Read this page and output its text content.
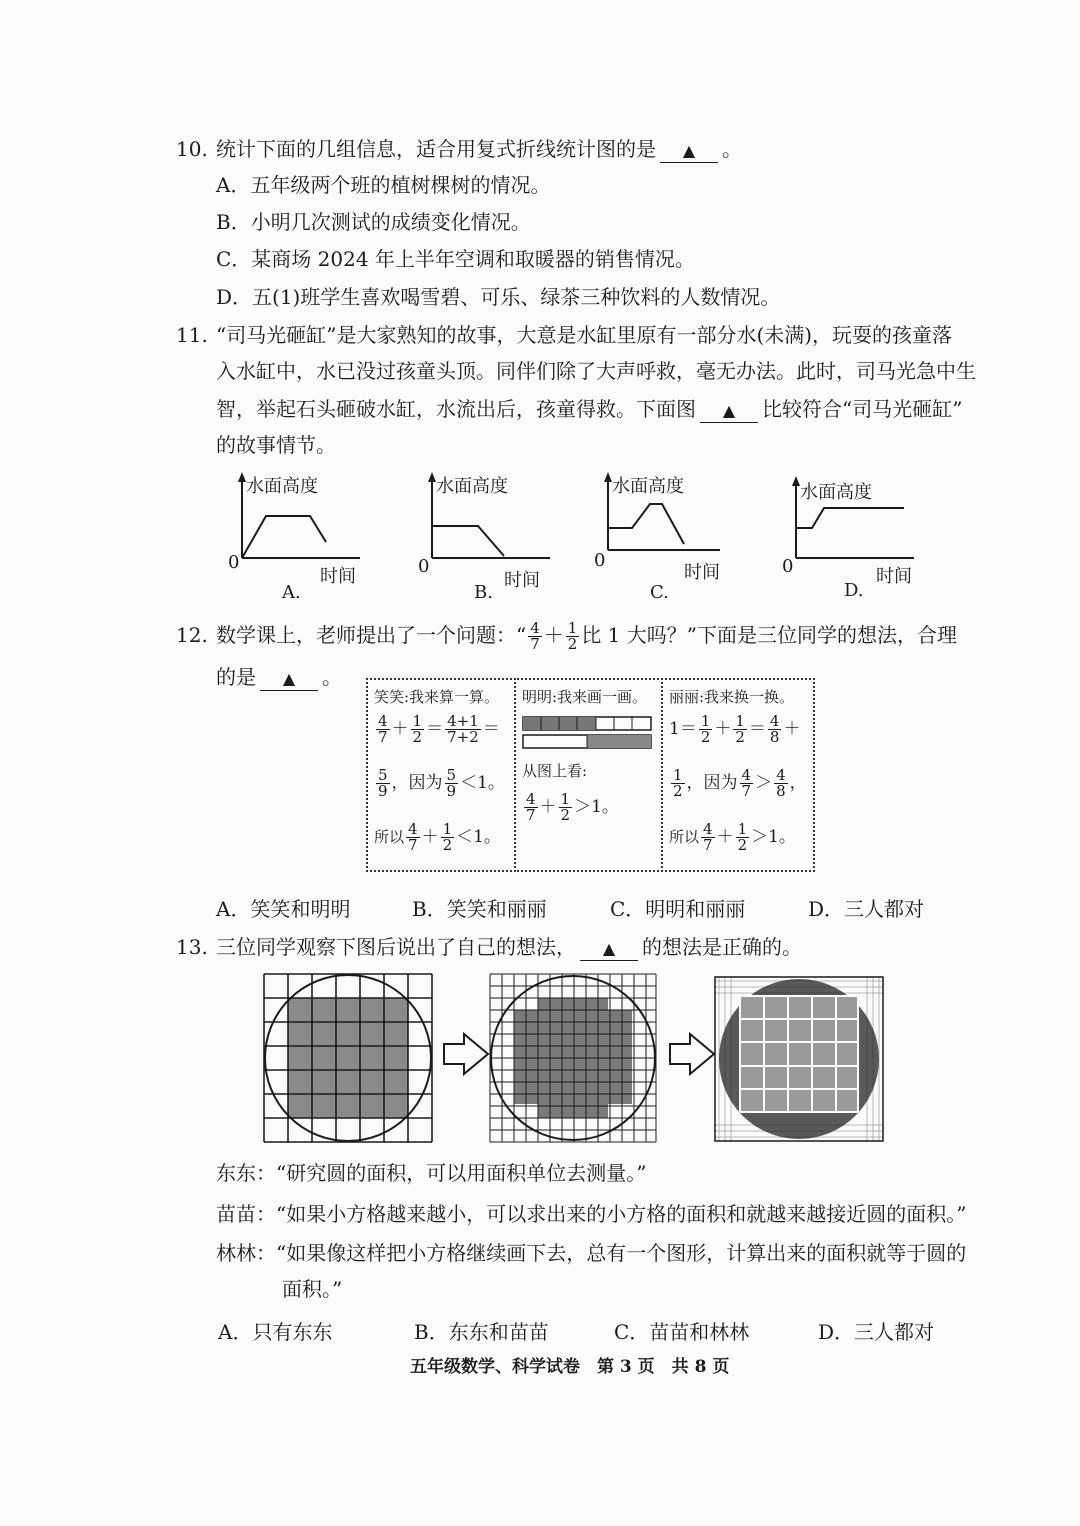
10. 统计下面的几组信息，适合用复式折线统计图的是 ▲ 。
A．五年级两个班的植树棵树的情况。
B．小明几次测试的成绩变化情况。
C．某商场 2024 年上半年空调和取暖器的销售情况。
D．五(1)班学生喜欢喝雪碧、可乐、绿茶三种饮料的人数情况。
11. “司马光砸缸”是大家熟知的故事，大意是水缸里原有一部分水(未满)，玩耍的孩童落
入水缸中，水已没过孩童头顶。同伴们除了大声呼救，毫无办法。此时，司马光急中生
智，举起石头砸破水缸，水流出后，孩童得救。下面图 ▲ 比较符合“司马光砸缸”
的故事情节。
水面高度
0
时间
A.
水面高度
0
时间
B.
水面高度
0
时间
C.
水面高度
0	时间
D.
12. 数学课上，老师提出了一个问题：“ $\frac{4}{7} + \frac{1}{2}$ 比 1 大吗？”下面是三位同学的想法，合理
的是 ▲ 。
笑笑:我来算一算。
$\frac{4}{7} + \frac{1}{2} = \frac{4+1}{7+2}$ ＝
$\frac{5}{9}$ ，因为 $\frac{5}{9} <1$。
所以 $\frac{4}{7} + \frac{1}{2} <1$。
明明:我来画一画。
从图上看:
$\frac{4}{7} + \frac{1}{2} >1$。
丽丽:我来换一换。
$1= \frac{1}{2} + \frac{1}{2} = \frac{4}{8}$ ＋
$\frac{1}{2}$ ，因为 $\frac{4}{7} > \frac{4}{8}$ ，
所以 $\frac{4}{7} + \frac{1}{2} >1$。
A．笑笑和明明	B．笑笑和丽丽	C．明明和丽丽	D．三人都对
13. 三位同学观察下图后说出了自己的想法， ▲ 的想法是正确的。
东东：“研究圆的面积，可以用面积单位去测量。”
苗苗：“如果小方格越来越小，可以求出来的小方格的面积和就越来越接近圆的面积。”
林林：“如果像这样把小方格继续画下去，总有一个图形，计算出来的面积就等于圆的
面积。”
A．只有东东	B．东东和苗苗	C．苗苗和林林	D．三人都对
五年级数学、科学试卷　第 3 页　共 8 页
